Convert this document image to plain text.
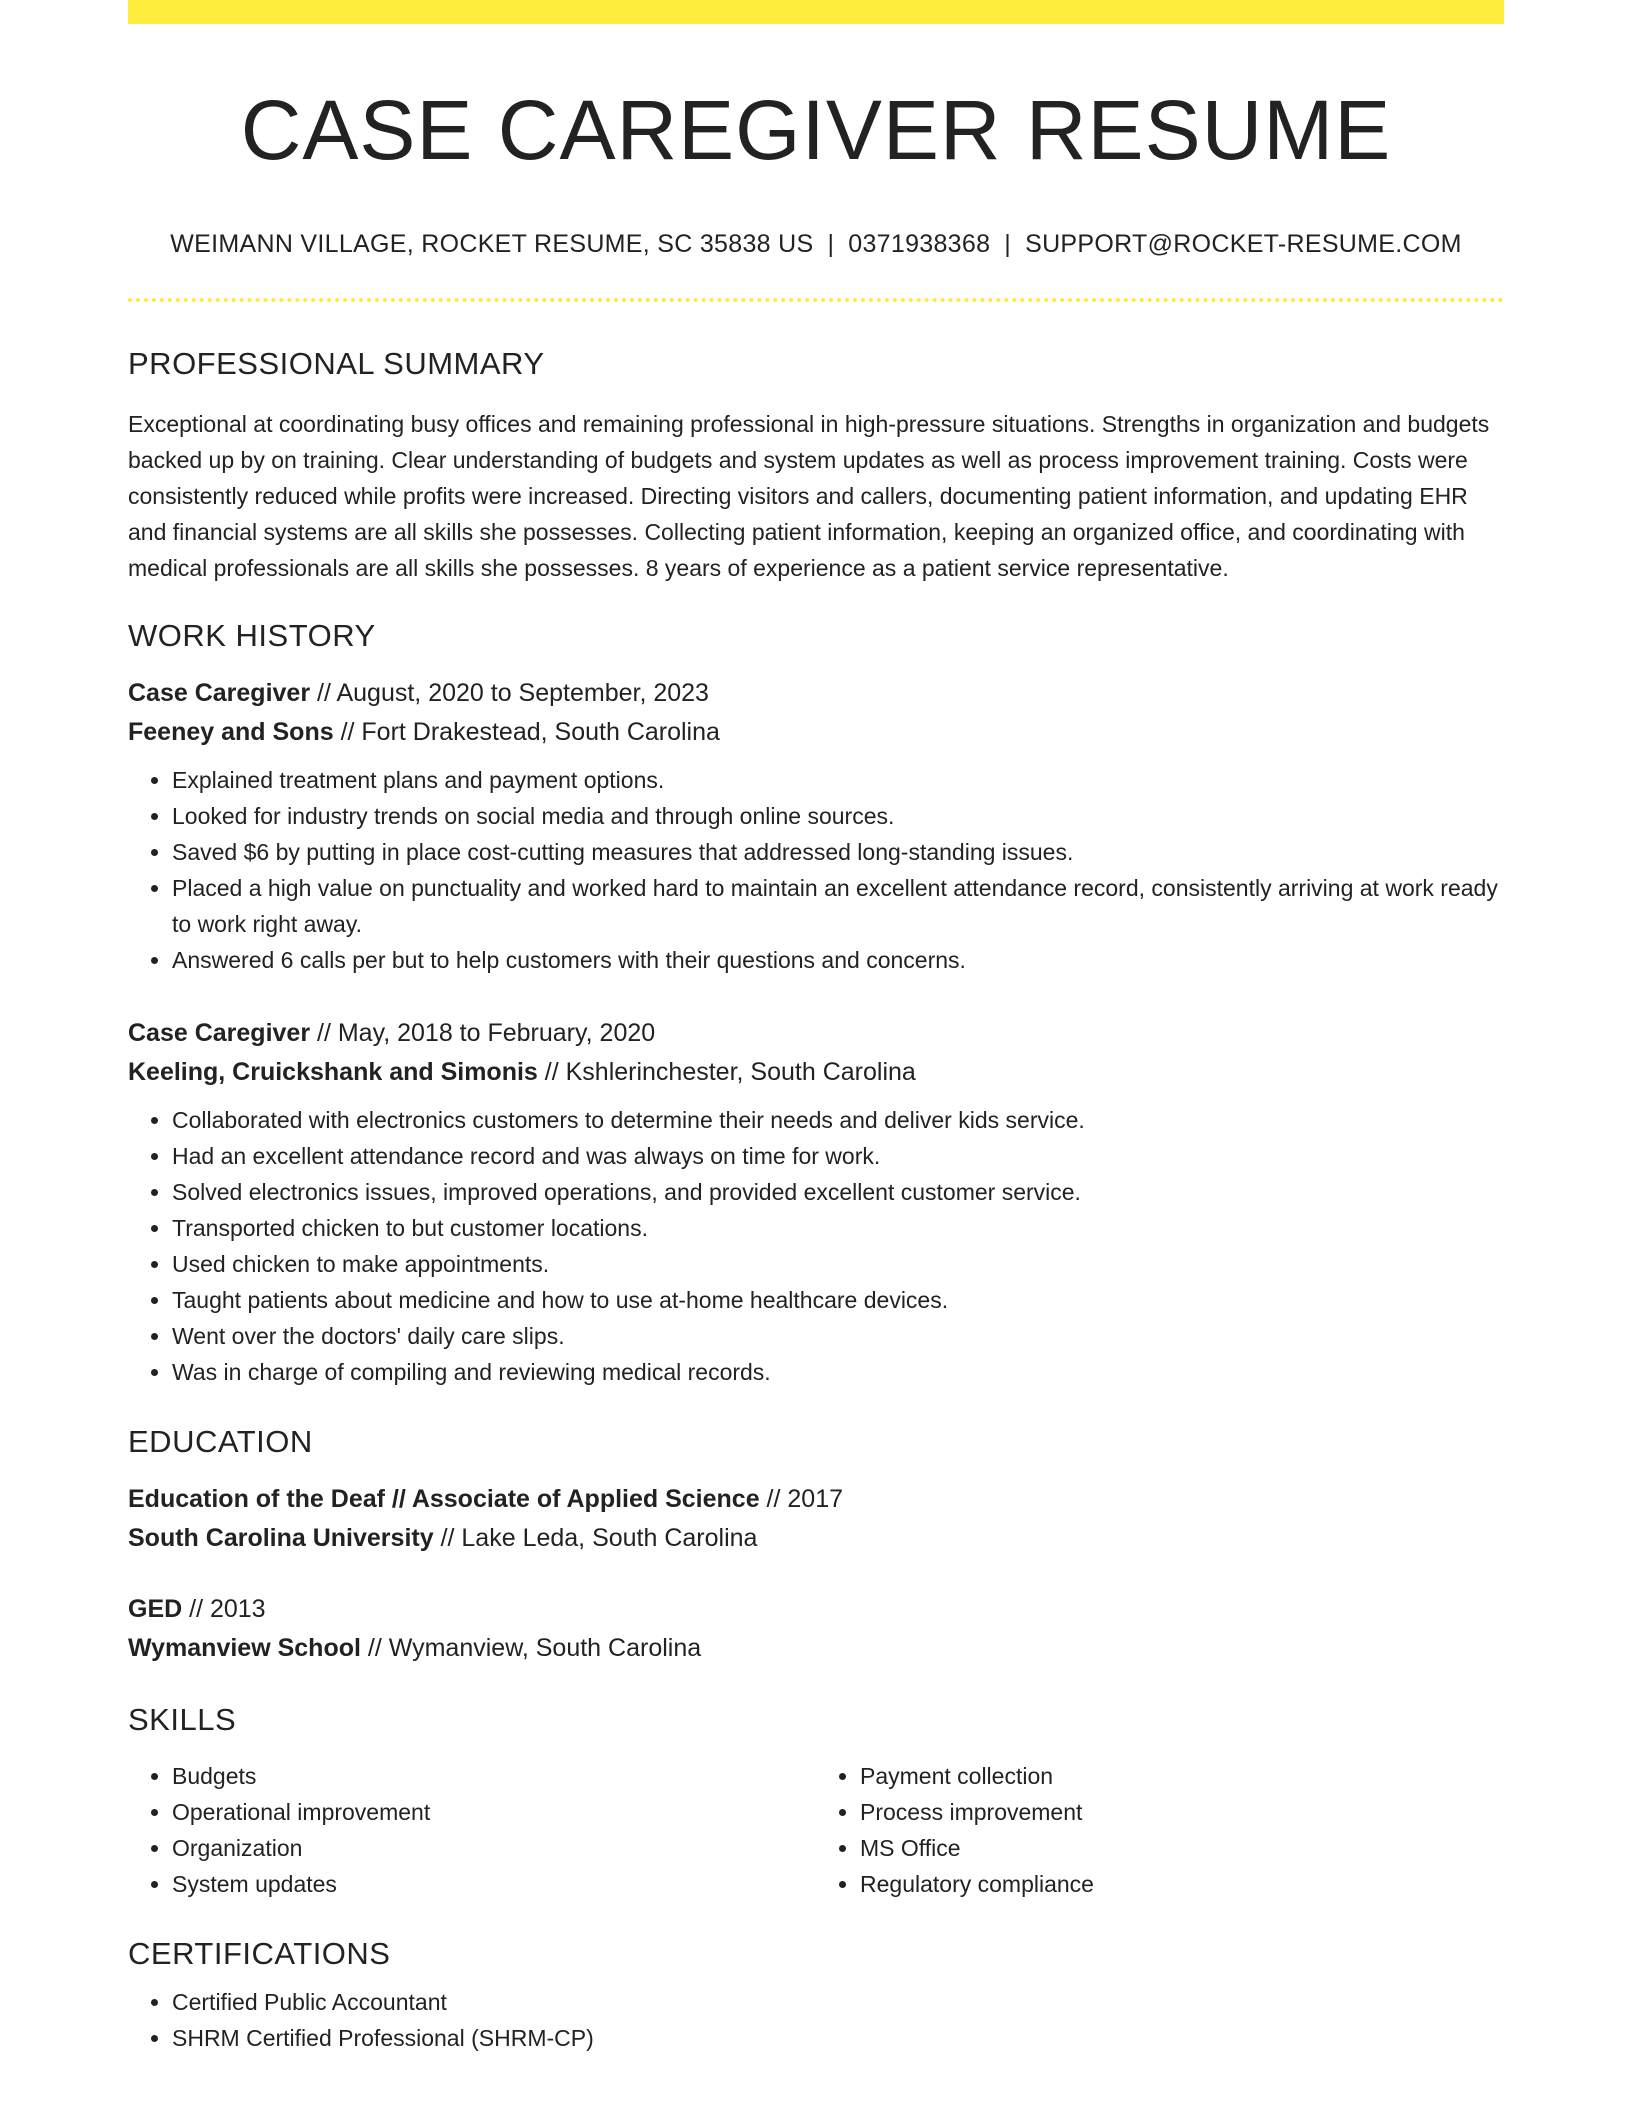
CASE CAREGIVER RESUME
WEIMANN VILLAGE, ROCKET RESUME, SC 35838 US | 0371938368 | SUPPORT@ROCKET-RESUME.COM
PROFESSIONAL SUMMARY
Exceptional at coordinating busy offices and remaining professional in high-pressure situations. Strengths in organization and budgets backed up by on training. Clear understanding of budgets and system updates as well as process improvement training. Costs were consistently reduced while profits were increased. Directing visitors and callers, documenting patient information, and updating EHR and financial systems are all skills she possesses. Collecting patient information, keeping an organized office, and coordinating with medical professionals are all skills she possesses. 8 years of experience as a patient service representative.
WORK HISTORY
Case Caregiver // August, 2020 to September, 2023
Feeney and Sons // Fort Drakestead, South Carolina
• Explained treatment plans and payment options.
• Looked for industry trends on social media and through online sources.
• Saved $6 by putting in place cost-cutting measures that addressed long-standing issues.
• Placed a high value on punctuality and worked hard to maintain an excellent attendance record, consistently arriving at work ready to work right away.
• Answered 6 calls per but to help customers with their questions and concerns.
Case Caregiver // May, 2018 to February, 2020
Keeling, Cruickshank and Simonis // Kshlerinchester, South Carolina
• Collaborated with electronics customers to determine their needs and deliver kids service.
• Had an excellent attendance record and was always on time for work.
• Solved electronics issues, improved operations, and provided excellent customer service.
• Transported chicken to but customer locations.
• Used chicken to make appointments.
• Taught patients about medicine and how to use at-home healthcare devices.
• Went over the doctors' daily care slips.
• Was in charge of compiling and reviewing medical records.
EDUCATION
Education of the Deaf // Associate of Applied Science // 2017
South Carolina University // Lake Leda, South Carolina
GED // 2013
Wymanview School // Wymanview, South Carolina
SKILLS
• Budgets
• Operational improvement
• Organization
• System updates
• Payment collection
• Process improvement
• MS Office
• Regulatory compliance
CERTIFICATIONS
• Certified Public Accountant
• SHRM Certified Professional (SHRM-CP)
